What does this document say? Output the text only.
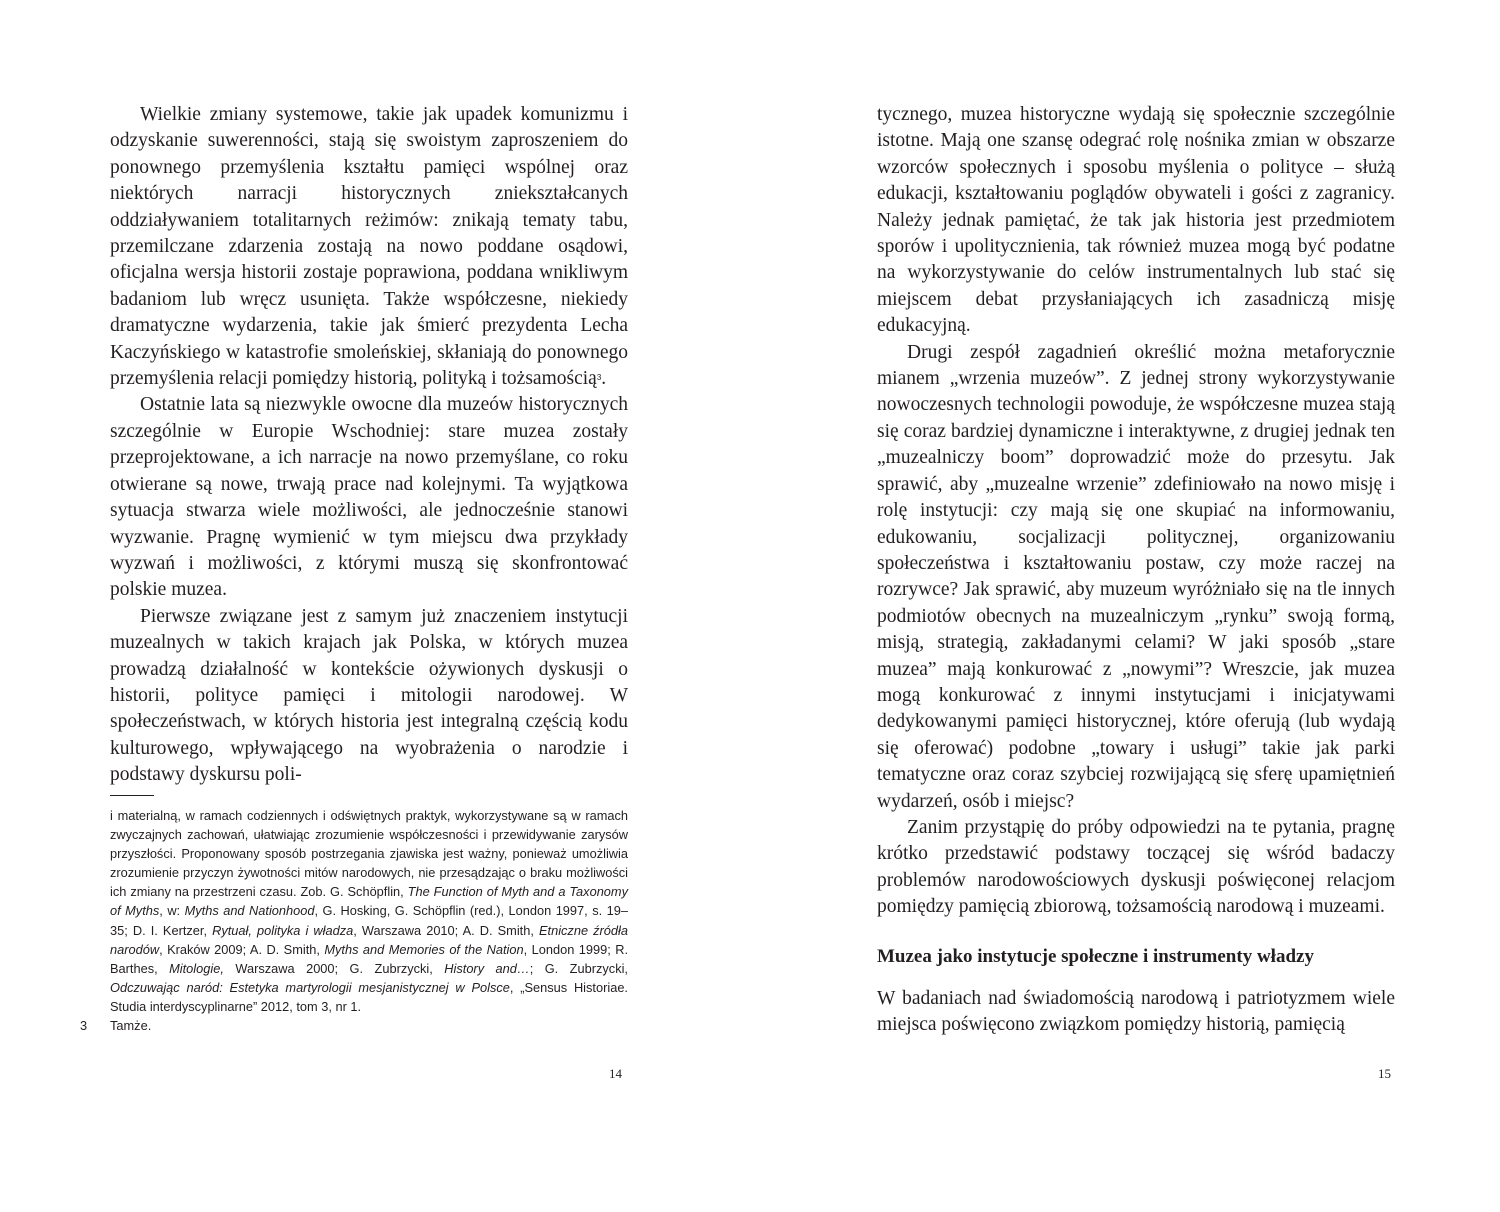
Wielkie zmiany systemowe, takie jak upadek komunizmu i odzyskanie suwerenności, stają się swoistym zaproszeniem do ponownego przemyślenia kształtu pamięci wspólnej oraz niektórych narracji historycznych zniekształcanych oddziaływaniem totalitarnych reżimów: znikają tematy tabu, przemilczane zdarzenia zostają na nowo poddane osądowi, oficjalna wersja historii zostaje poprawiona, poddana wnikliwym badaniom lub wręcz usunięta. Także współczesne, niekiedy dramatyczne wydarzenia, takie jak śmierć prezydenta Lecha Kaczyńskiego w katastrofie smoleńskiej, skłaniają do ponownego przemyślenia relacji pomiędzy historią, polityką i tożsamością$^3$.

Ostatnie lata są niezwykle owocne dla muzeów historycznych szczególnie w Europie Wschodniej: stare muzea zostały przeprojektowane, a ich narracje na nowo przemyślane, co roku otwierane są nowe, trwają prace nad kolejnymi. Ta wyjątkowa sytuacja stwarza wiele możliwości, ale jednocześnie stanowi wyzwanie. Pragnę wymienić w tym miejscu dwa przykłady wyzwań i możliwości, z którymi muszą się skonfrontować polskie muzea.

Pierwsze związane jest z samym już znaczeniem instytucji muzealnych w takich krajach jak Polska, w których muzea prowadzą działalność w kontekście ożywionych dyskusji o historii, polityce pamięci i mitologii narodowej. W społeczeństwach, w których historia jest integralną częścią kodu kulturowego, wpływającego na wyobrażenia o narodzie i podstawy dyskursu poli-

i materialną, w ramach codziennych i odświętnych praktyk, wykorzystywane są w ramach zwyczajnych zachowań, ułatwiając zrozumienie współczesności i przewidywanie zarysów przyszłości. Proponowany sposób postrzegania zjawiska jest ważny, ponieważ umożliwia zrozumienie przyczyn żywotności mitów narodowych, nie przesądzając o braku możliwości ich zmiany na przestrzeni czasu. Zob. G. Schöpflin, The Function of Myth and a Taxonomy of Myths, w: Myths and Nationhood, G. Hosking, G. Schöpflin (red.), London 1997, s. 19–35; D. I. Kertzer, Rytuał, polityka i władza, Warszawa 2010; A. D. Smith, Etniczne źródła narodów, Kraków 2009; A. D. Smith, Myths and Memories of the Nation, London 1999; R. Barthes, Mitologie, Warszawa 2000; G. Zubrzycki, History and…; G. Zubrzycki, Odczuwając naród: Estetyka martyrologii mesjanistycznej w Polsce, „Sensus Historiae. Studia interdyscyplinarne” 2012, tom 3, nr 1.

3 Tamże.

14

tycznego, muzea historyczne wydają się społecznie szczególnie istotne. Mają one szansę odegrać rolę nośnika zmian w obszarze wzorców społecznych i sposobu myślenia o polityce – służą edukacji, kształtowaniu poglądów obywateli i gości z zagranicy. Należy jednak pamiętać, że tak jak historia jest przedmiotem sporów i upolitycznienia, tak również muzea mogą być podatne na wykorzystywanie do celów instrumentalnych lub stać się miejscem debat przysłaniających ich zasadniczą misję edukacyjną.

Drugi zespół zagadnień określić można metaforycznie mianem „wrzenia muzeów”. Z jednej strony wykorzystywanie nowoczesnych technologii powoduje, że współczesne muzea stają się coraz bardziej dynamiczne i interaktywne, z drugiej jednak ten „muzealniczy boom” doprowadzić może do przesytu. Jak sprawić, aby „muzealne wrzenie” zdefiniowało na nowo misję i rolę instytucji: czy mają się one skupiać na informowaniu, edukowaniu, socjalizacji politycznej, organizowaniu społeczeństwa i kształtowaniu postaw, czy może raczej na rozrywce? Jak sprawić, aby muzeum wyróżniało się na tle innych podmiotów obecnych na muzealniczym „rynku” swoją formą, misją, strategią, zakładanymi celami? W jaki sposób „stare muzea” mają konkurować z „nowymi”? Wreszcie, jak muzea mogą konkurować z innymi instytucjami i inicjatywami dedykowanymi pamięci historycznej, które oferują (lub wydają się oferować) podobne „towary i usługi” takie jak parki tematyczne oraz coraz szybciej rozwijającą się sferę upamiętnień wydarzeń, osób i miejsc?

Zanim przystąpię do próby odpowiedzi na te pytania, pragnę krótko przedstawić podstawy toczącej się wśród badaczy problemów narodowościowych dyskusji poświęconej relacjom pomiędzy pamięcią zbiorową, tożsamością narodową i muzeami.

Muzea jako instytucje społeczne i instrumenty władzy

W badaniach nad świadomością narodową i patriotyzmem wiele miejsca poświęcono związkom pomiędzy historią, pamięcią

15
